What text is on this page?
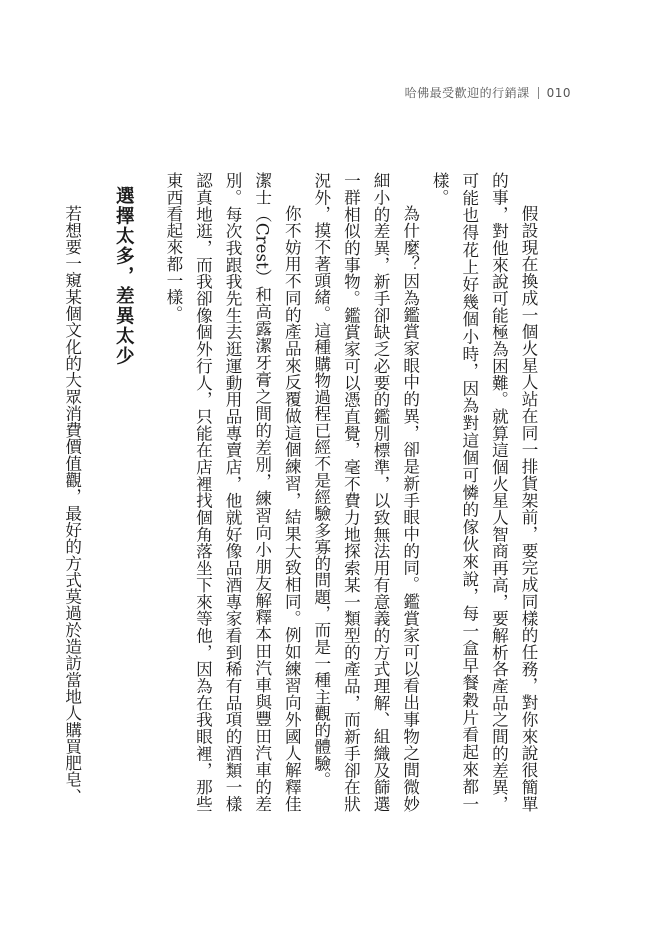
哈佛最受歡迎的行銷課 010

假設現在換成一個火星人站在同一排貨架前，要完成同樣的任務，對你來說很簡單的事，對他來說可能極為困難。就算這個火星人智商再高，要解析各產品之間的差異，可能也得花上好幾個小時，因為對這個可憐的傢伙來說，每一盒早餐穀片看起來都一樣。

為什麼？因為鑑賞家眼中的異，卻是新手眼中的同。鑑賞家可以看出事物之間微妙細小的差異，新手卻缺乏必要的鑑別標準，以致無法用有意義的方式理解、組織及篩選一群相似的事物。鑑賞家可以憑直覺，毫不費力地探索某一類型的產品，而新手卻在狀況外，摸不著頭緒。這種購物過程已經不是經驗多寡的問題，而是一種主觀的體驗。

你不妨用不同的產品來反覆做這個練習，結果大致相同。例如練習向外國人解釋佳潔士（Crest）和高露潔牙膏之間的差別，練習向小朋友解釋本田汽車與豐田汽車的差別。每次我跟我先生去逛運動用品專賣店，他就好像品酒專家看到稀有品項的酒類一樣認真地逛，而我卻像個外行人，只能在店裡找個角落坐下來等他，因為在我眼裡，那些東西看起來都一樣。

選擇太多，差異太少

若想要一窺某個文化的大眾消費價值觀，最好的方式莫過於造訪當地人購買肥皂、
